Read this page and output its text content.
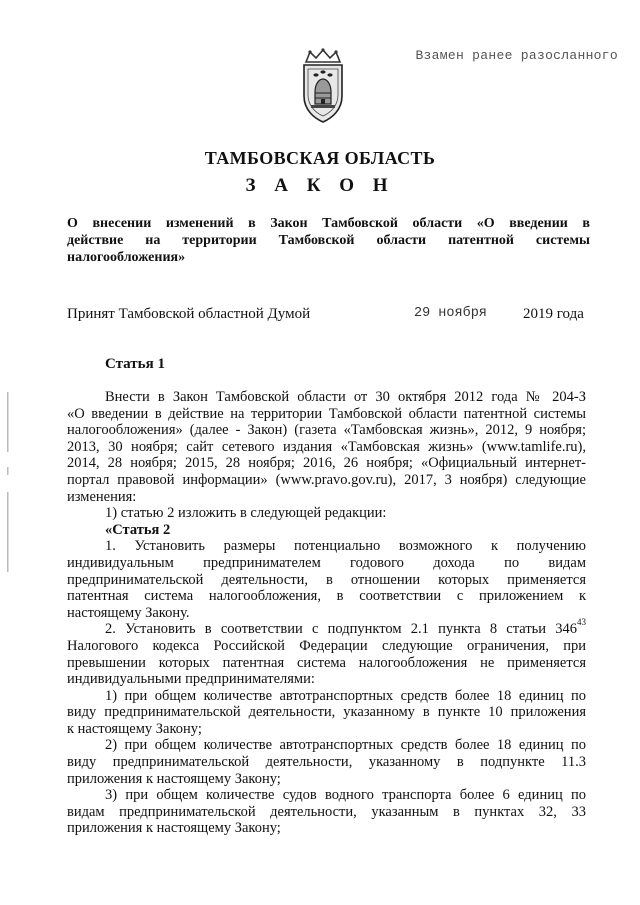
Взамен ранее разосланного
ТАМБОВСКАЯ ОБЛАСТЬ
З А К О Н
О внесении изменений в Закон Тамбовской области «О введении в
действие на территории Тамбовской области патентной системы
налогообложения»
Принят Тамбовской областной Думой	29 ноября 2019 года
Статья 1
Внести в Закон Тамбовской области от 30 октября 2012 года № 204-З
«О введении в действие на территории Тамбовской области патентной системы
налогообложения» (далее - Закон) (газета «Тамбовская жизнь», 2012, 9 ноября;
2013, 30 ноября; сайт сетевого издания «Тамбовская жизнь» (www.tamlife.ru),
2014, 28 ноября; 2015, 28 ноября; 2016, 26 ноября; «Официальный интернет-
портал правовой информации» (www.pravo.gov.ru), 2017, 3 ноября) следующие
изменения:
1) статью 2 изложить в следующей редакции:
«Статья 2
1. Установить размеры потенциально возможного к получению
индивидуальным предпринимателем годового дохода по видам
предпринимательской деятельности, в отношении которых применяется
патентная система налогообложения, в соответствии с приложением к
настоящему Закону.
2. Установить в соответствии с подпунктом 2.1 пункта 8 статьи $346^{43}$
Налогового кодекса Российской Федерации следующие ограничения, при
превышении которых патентная система налогообложения не применяется
индивидуальными предпринимателями:
1) при общем количестве автотранспортных средств более 18 единиц по
виду предпринимательской деятельности, указанному в пункте 10 приложения
к настоящему Закону;
2) при общем количестве автотранспортных средств более 18 единиц по
виду предпринимательской деятельности, указанному в подпункте 11.3
приложения к настоящему Закону;
3) при общем количестве судов водного транспорта более 6 единиц по
видам предпринимательской деятельности, указанным в пунктах 32, 33
приложения к настоящему Закону;
